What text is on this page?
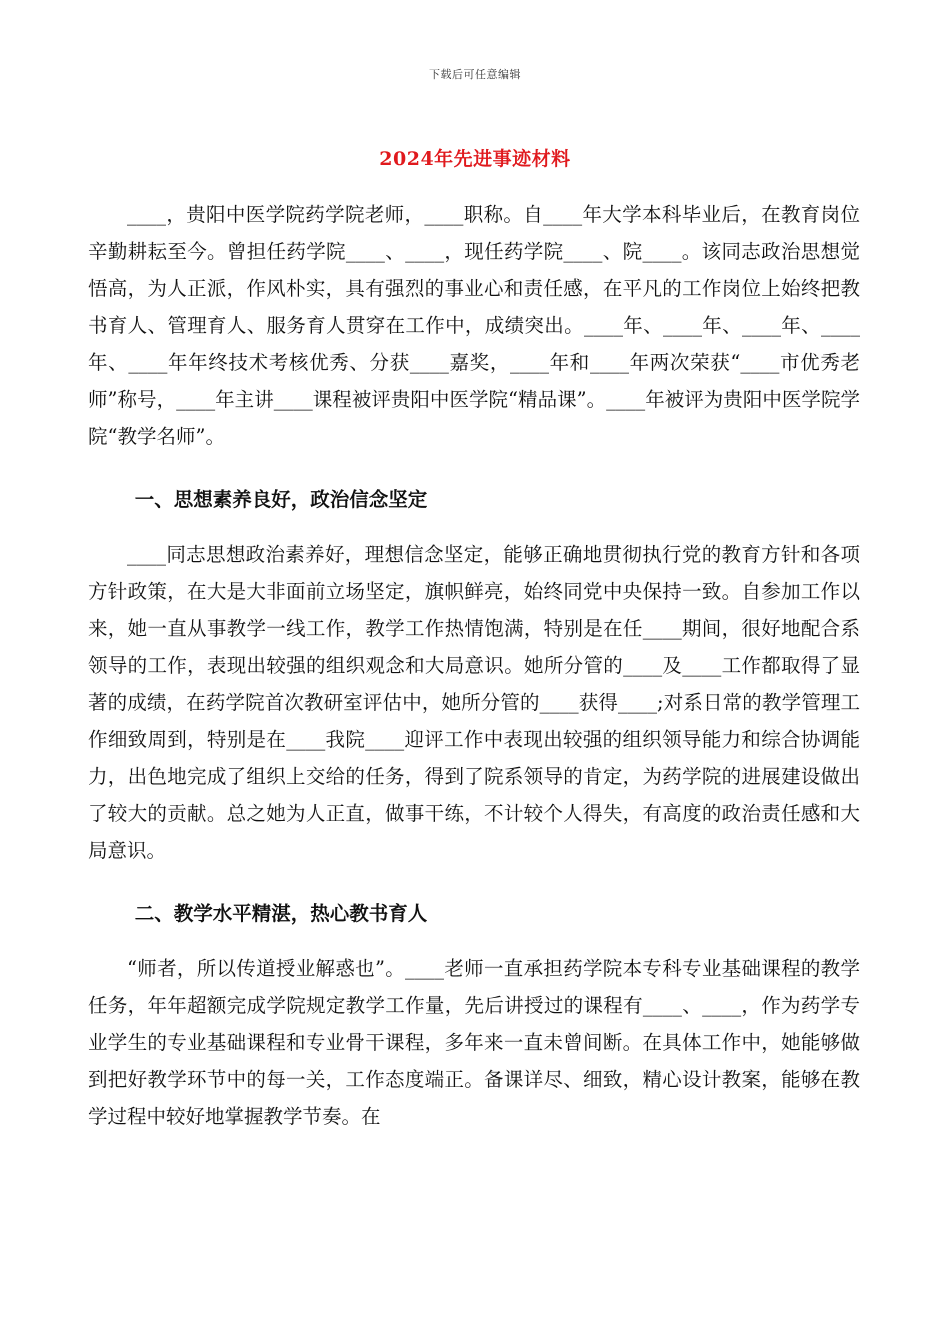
下载后可任意编辑
2024年先进事迹材料

____，贵阳中医学院药学院老师，____职称。自____年大学本科毕业后，在教育岗位辛勤耕耘至今。曾担任药学院____、____，现任药学院____、院____。该同志政治思想觉悟高，为人正派，作风朴实，具有强烈的事业心和责任感，在平凡的工作岗位上始终把教书育人、管理育人、服务育人贯穿在工作中，成绩突出。____年、____年、____年、____年、____年年终技术考核优秀、分获____嘉奖，____年和____年两次荣获“____市优秀老师”称号，____年主讲____课程被评贵阳中医学院“精品课”。____年被评为贵阳中医学院学院“教学名师”。

一、思想素养良好，政治信念坚定

____同志思想政治素养好，理想信念坚定，能够正确地贯彻执行党的教育方针和各项方针政策，在大是大非面前立场坚定，旗帜鲜亮，始终同党中央保持一致。自参加工作以来，她一直从事教学一线工作，教学工作热情饱满，特别是在任____期间，很好地配合系领导的工作，表现出较强的组织观念和大局意识。她所分管的____及____工作都取得了显著的成绩，在药学院首次教研室评估中，她所分管的____获得____;对系日常的教学管理工作细致周到，特别是在____我院____迎评工作中表现出较强的组织领导能力和综合协调能力，出色地完成了组织上交给的任务，得到了院系领导的肯定，为药学院的进展建设做出了较大的贡献。总之她为人正直，做事干练，不计较个人得失，有高度的政治责任感和大局意识。

二、教学水平精湛，热心教书育人

“师者，所以传道授业解惑也”。____老师一直承担药学院本专科专业基础课程的教学任务，年年超额完成学院规定教学工作量，先后讲授过的课程有____、____，作为药学专业学生的专业基础课程和专业骨干课程，多年来一直未曾间断。在具体工作中，她能够做到把好教学环节中的每一关，工作态度端正。备课详尽、细致，精心设计教案，能够在教学过程中较好地掌握教学节奏。在
